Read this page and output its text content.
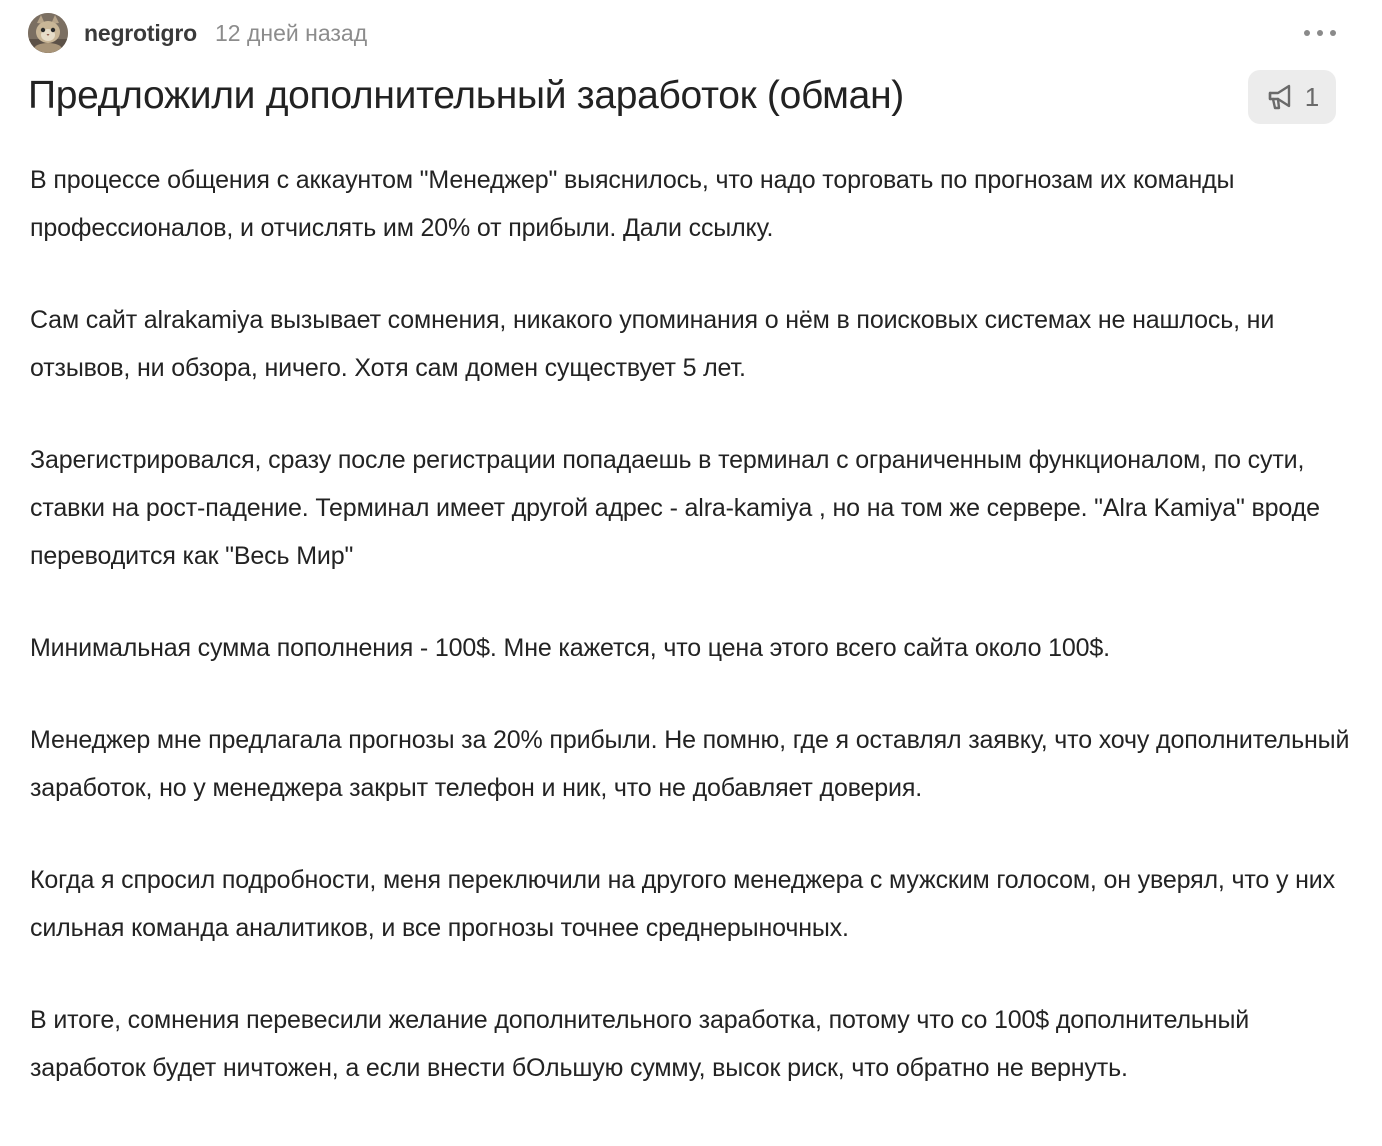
negrotigro 12 дней назад
Предложили дополнительный заработок (обман)	1

В процессе общения с аккаунтом "Менеджер" выяснилось, что надо торговать по прогнозам их команды профессионалов, и отчислять им 20% от прибыли. Дали ссылку.

Сам сайт alrakamiya вызывает сомнения, никакого упоминания о нём в поисковых системах не нашлось, ни отзывов, ни обзора, ничего. Хотя сам домен существует 5 лет.

Зарегистрировался, сразу после регистрации попадаешь в терминал с ограниченным функционалом, по сути, ставки на рост-падение. Терминал имеет другой адрес - alra-kamiya , но на том же сервере. "Alra Kamiya" вроде переводится как "Весь Мир"

Минимальная сумма пополнения - 100$. Мне кажется, что цена этого всего сайта около 100$.

Менеджер мне предлагала прогнозы за 20% прибыли. Не помню, где я оставлял заявку, что хочу дополнительный заработок, но у менеджера закрыт телефон и ник, что не добавляет доверия.

Когда я спросил подробности, меня переключили на другого менеджера с мужским голосом, он уверял, что у них сильная команда аналитиков, и все прогнозы точнее среднерыночных.

В итоге, сомнения перевесили желание дополнительного заработка, потому что со 100$ дополнительный заработок будет ничтожен, а если внести бОльшую сумму, высок риск, что обратно не вернуть.
